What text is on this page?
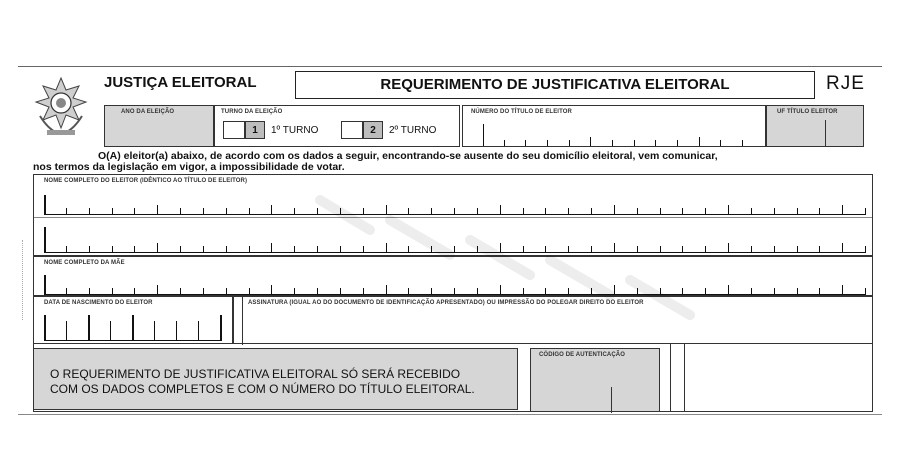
JUSTIÇA ELEITORAL	REQUERIMENTO DE JUSTIFICATIVA ELEITORAL	RJE
ANO DA ELEIÇÃO	TURNO DA ELEIÇÃO
1	1º TURNO	2	2º TURNO
NÚMERO DO TÍTULO DE ELEITOR	UF TÍTULO ELEITOR
O(A) eleitor(a) abaixo, de acordo com os dados a seguir, encontrando-se ausente do seu domicílio eleitoral, vem comunicar,
nos termos da legislação em vigor, a impossibilidade de votar.
NOME COMPLETO DO ELEITOR (IDÊNTICO AO TÍTULO DE ELEITOR)
NOME COMPLETO DA MÃE
DATA DE NASCIMENTO DO ELEITOR	ASSINATURA (IGUAL AO DO DOCUMENTO DE IDENTIFICAÇÃO APRESENTADO) OU IMPRESSÃO DO POLEGAR DIREITO DO ELEITOR
O REQUERIMENTO DE JUSTIFICATIVA ELEITORAL SÓ SERÁ RECEBIDO
COM OS DADOS COMPLETOS E COM O NÚMERO DO TÍTULO ELEITORAL.
CÓDIGO DE AUTENTICAÇÃO
